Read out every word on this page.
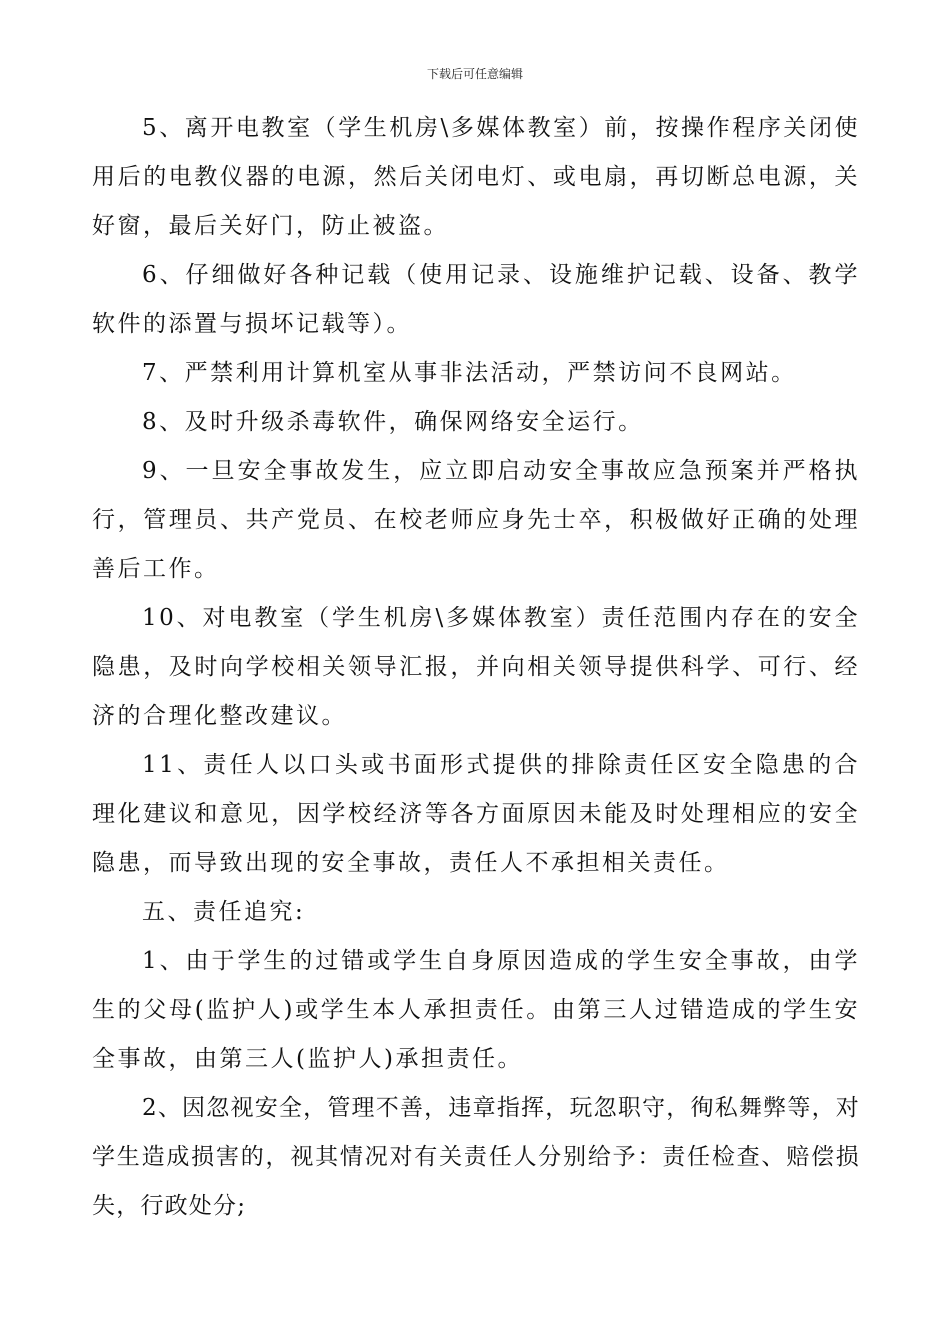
下载后可任意编辑

5、离开电教室（学生机房\多媒体教室）前，按操作程序关闭使用后的电教仪器的电源，然后关闭电灯、或电扇，再切断总电源，关好窗，最后关好门，防止被盗。

6、仔细做好各种记载（使用记录、设施维护记载、设备、教学软件的添置与损坏记载等）。

7、严禁利用计算机室从事非法活动，严禁访问不良网站。

8、及时升级杀毒软件，确保网络安全运行。

9、一旦安全事故发生，应立即启动安全事故应急预案并严格执行，管理员、共产党员、在校老师应身先士卒，积极做好正确的处理善后工作。

10、对电教室（学生机房\多媒体教室）责任范围内存在的安全隐患，及时向学校相关领导汇报，并向相关领导提供科学、可行、经济的合理化整改建议。

11、责任人以口头或书面形式提供的排除责任区安全隐患的合理化建议和意见，因学校经济等各方面原因未能及时处理相应的安全隐患，而导致出现的安全事故，责任人不承担相关责任。

五、责任追究:

1、由于学生的过错或学生自身原因造成的学生安全事故，由学生的父母(监护人)或学生本人承担责任。由第三人过错造成的学生安全事故，由第三人(监护人)承担责任。

2、因忽视安全，管理不善，违章指挥，玩忽职守，徇私舞弊等，对学生造成损害的，视其情况对有关责任人分别给予：责任检查、赔偿损失，行政处分;
